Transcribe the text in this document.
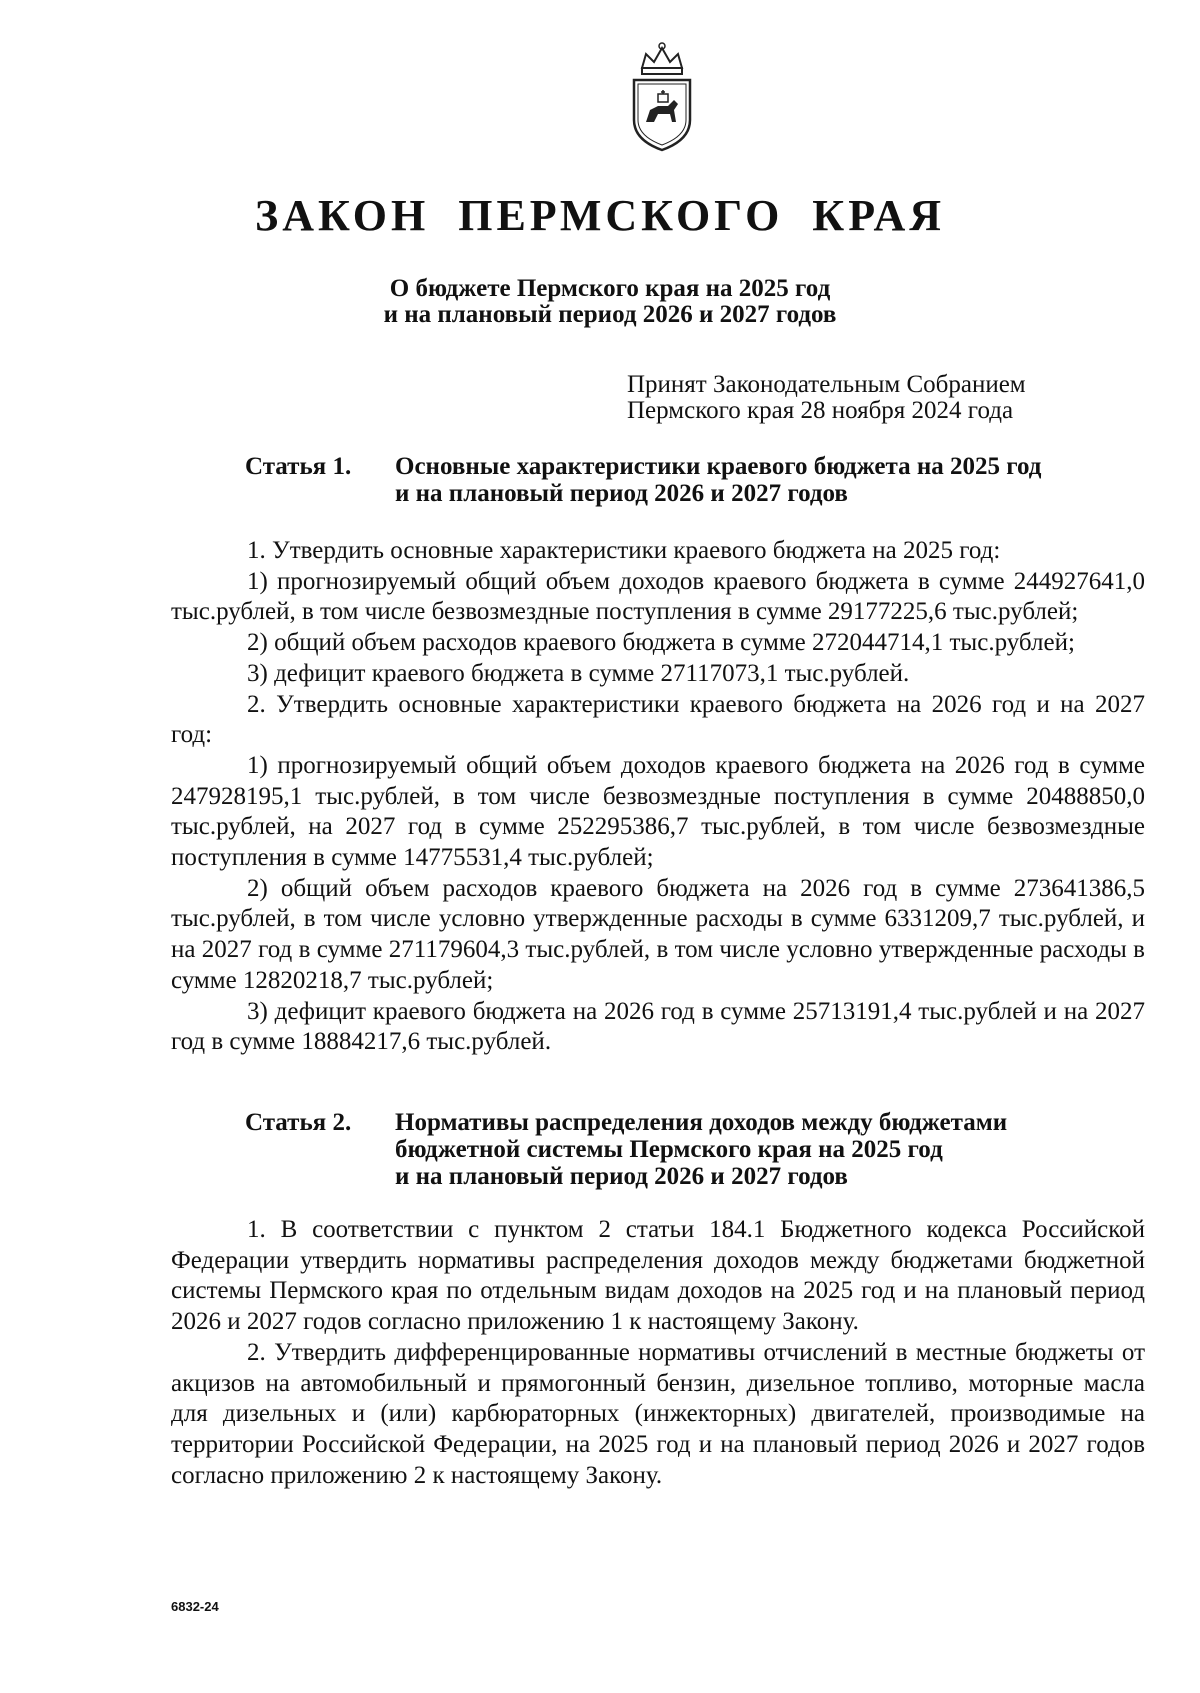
ЗАКОН ПЕРМСКОГО КРАЯ
О бюджете Пермского края на 2025 год
и на плановый период 2026 и 2027 годов
Принят Законодательным Собранием
Пермского края 28 ноября 2024 года
Статья 1.	Основные характеристики краевого бюджета на 2025 год
и на плановый период 2026 и 2027 годов

1. Утвердить основные характеристики краевого бюджета на 2025 год:

1) прогнозируемый общий объем доходов краевого бюджета в сумме 244927641,0 тыс.рублей, в том числе безвозмездные поступления в сумме 29177225,6 тыс.рублей;

2) общий объем расходов краевого бюджета в сумме 272044714,1 тыс.рублей;

3) дефицит краевого бюджета в сумме 27117073,1 тыс.рублей.

2. Утвердить основные характеристики краевого бюджета на 2026 год и на 2027 год:

1) прогнозируемый общий объем доходов краевого бюджета на 2026 год в сумме 247928195,1 тыс.рублей, в том числе безвозмездные поступления в сумме 20488850,0 тыс.рублей, на 2027 год в сумме 252295386,7 тыс.рублей, в том числе безвозмездные поступления в сумме 14775531,4 тыс.рублей;

2) общий объем расходов краевого бюджета на 2026 год в сумме 273641386,5 тыс.рублей, в том числе условно утвержденные расходы в сумме 6331209,7 тыс.рублей, и на 2027 год в сумме 271179604,3 тыс.рублей, в том числе условно утвержденные расходы в сумме 12820218,7 тыс.рублей;

3) дефицит краевого бюджета на 2026 год в сумме 25713191,4 тыс.рублей и на 2027 год в сумме 18884217,6 тыс.рублей.

Статья 2.	Нормативы распределения доходов между бюджетами
бюджетной системы Пермского края на 2025 год
и на плановый период 2026 и 2027 годов

1. В соответствии с пунктом 2 статьи 184.1 Бюджетного кодекса Российской Федерации утвердить нормативы распределения доходов между бюджетами бюджетной системы Пермского края по отдельным видам доходов на 2025 год и на плановый период 2026 и 2027 годов согласно приложению 1 к настоящему Закону.

2. Утвердить дифференцированные нормативы отчислений в местные бюджеты от акцизов на автомобильный и прямогонный бензин, дизельное топливо, моторные масла для дизельных и (или) карбюраторных (инжекторных) двигателей, производимые на территории Российской Федерации, на 2025 год и на плановый период 2026 и 2027 годов согласно приложению 2 к настоящему Закону.

6832-24
